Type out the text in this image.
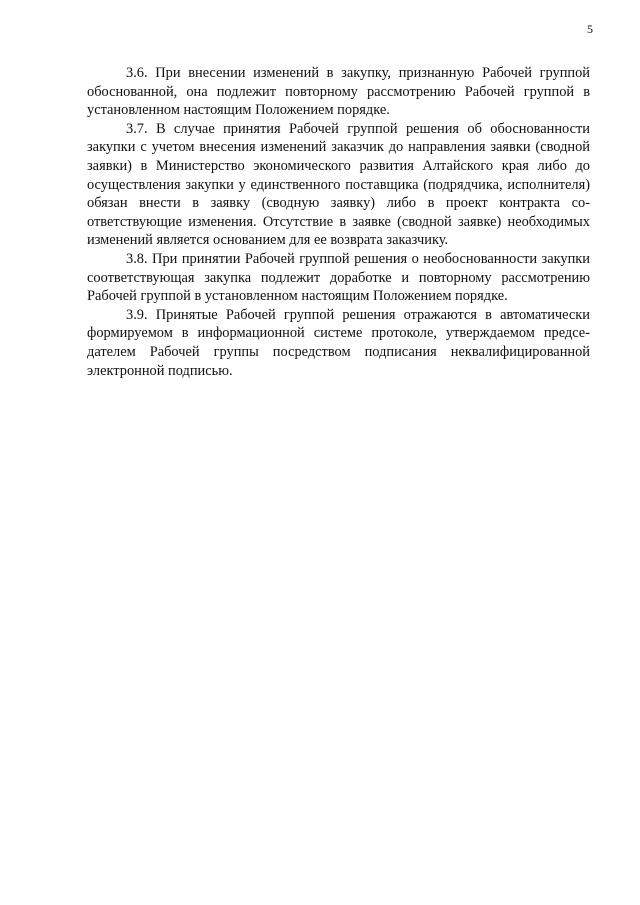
5

3.6. При внесении изменений в закупку, признанную Рабочей группой обоснованной, она подлежит повторному рассмотрению Рабочей группой в установленном настоящим Положением порядке.

3.7. В случае принятия Рабочей группой решения об обоснованности закупки с учетом внесения изменений заказчик до направления заявки (сводной заявки) в Министерство экономического развития Алтайского края либо до осуществления закупки у единственного поставщика (подрядчика, исполнителя) обязан внести в заявку (сводную заявку) либо в проект контракта соответствующие изменения. Отсутствие в заявке (сводной заявке) необходимых изменений является основанием для ее возврата заказчику.

3.8. При принятии Рабочей группой решения о необоснованности закупки соответствующая закупка подлежит доработке и повторному рассмотрению Рабочей группой в установленном настоящим Положением порядке.

3.9. Принятые Рабочей группой решения отражаются в автоматически формируемом в информационной системе протоколе, утверждаемом председателем Рабочей группы посредством подписания неквалифицированной электронной подписью.
